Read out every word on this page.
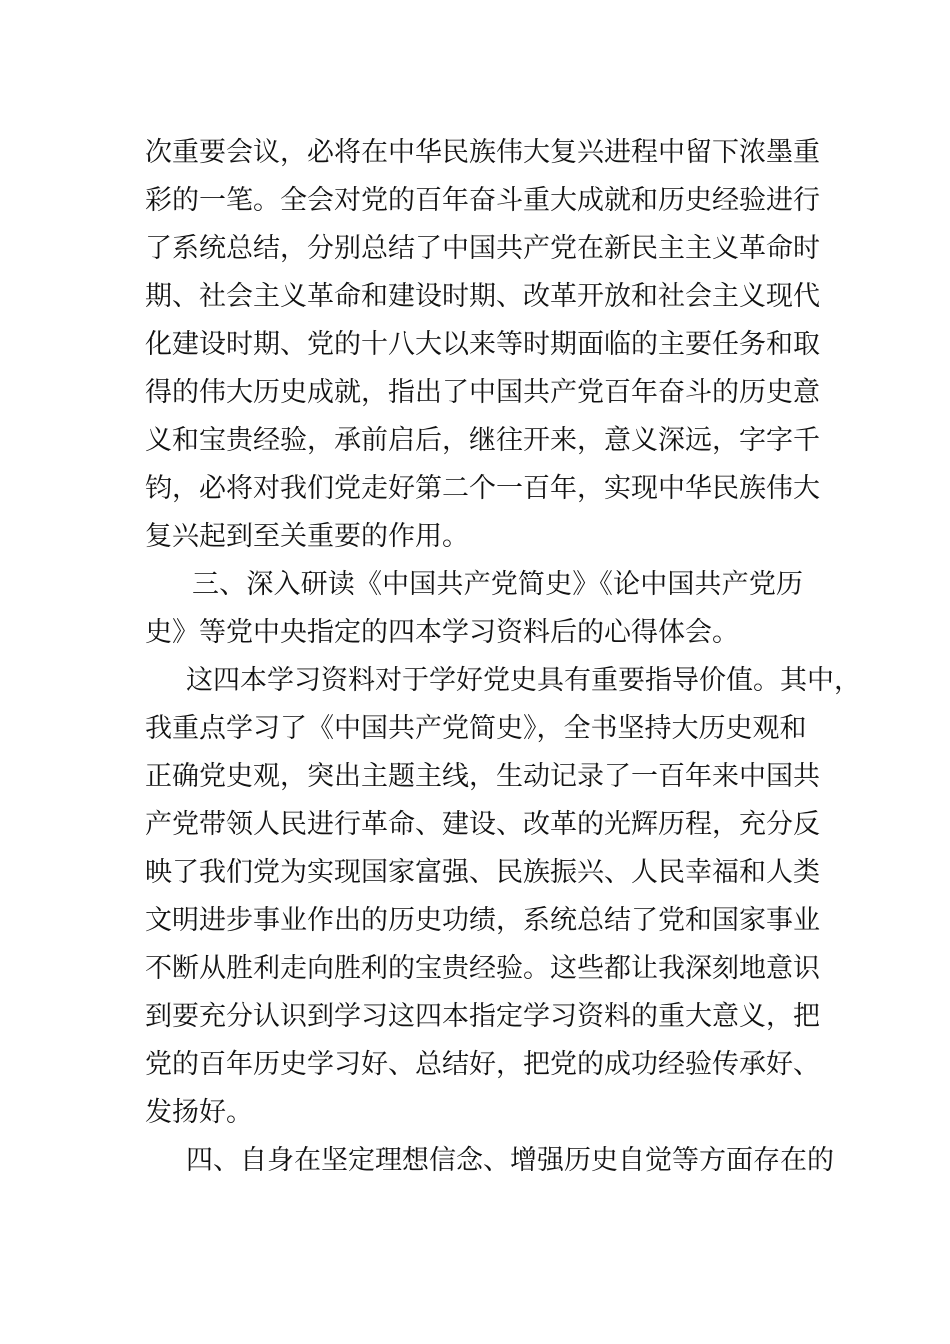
次重要会议，必将在中华民族伟大复兴进程中留下浓墨重
彩的一笔。全会对党的百年奋斗重大成就和历史经验进行
了系统总结，分别总结了中国共产党在新民主主义革命时
期、社会主义革命和建设时期、改革开放和社会主义现代
化建设时期、党的十八大以来等时期面临的主要任务和取
得的伟大历史成就，指出了中国共产党百年奋斗的历史意
义和宝贵经验，承前启后，继往开来，意义深远，字字千
钧，必将对我们党走好第二个一百年，实现中华民族伟大
复兴起到至关重要的作用。
三、深入研读《中国共产党简史》《论中国共产党历
史》等党中央指定的四本学习资料后的心得体会。
这四本学习资料对于学好党史具有重要指导价值。其中，
我重点学习了《中国共产党简史》，全书坚持大历史观和
正确党史观，突出主题主线，生动记录了一百年来中国共
产党带领人民进行革命、建设、改革的光辉历程，充分反
映了我们党为实现国家富强、民族振兴、人民幸福和人类
文明进步事业作出的历史功绩，系统总结了党和国家事业
不断从胜利走向胜利的宝贵经验。这些都让我深刻地意识
到要充分认识到学习这四本指定学习资料的重大意义，把
党的百年历史学习好、总结好，把党的成功经验传承好、
发扬好。
四、自身在坚定理想信念、增强历史自觉等方面存在的
